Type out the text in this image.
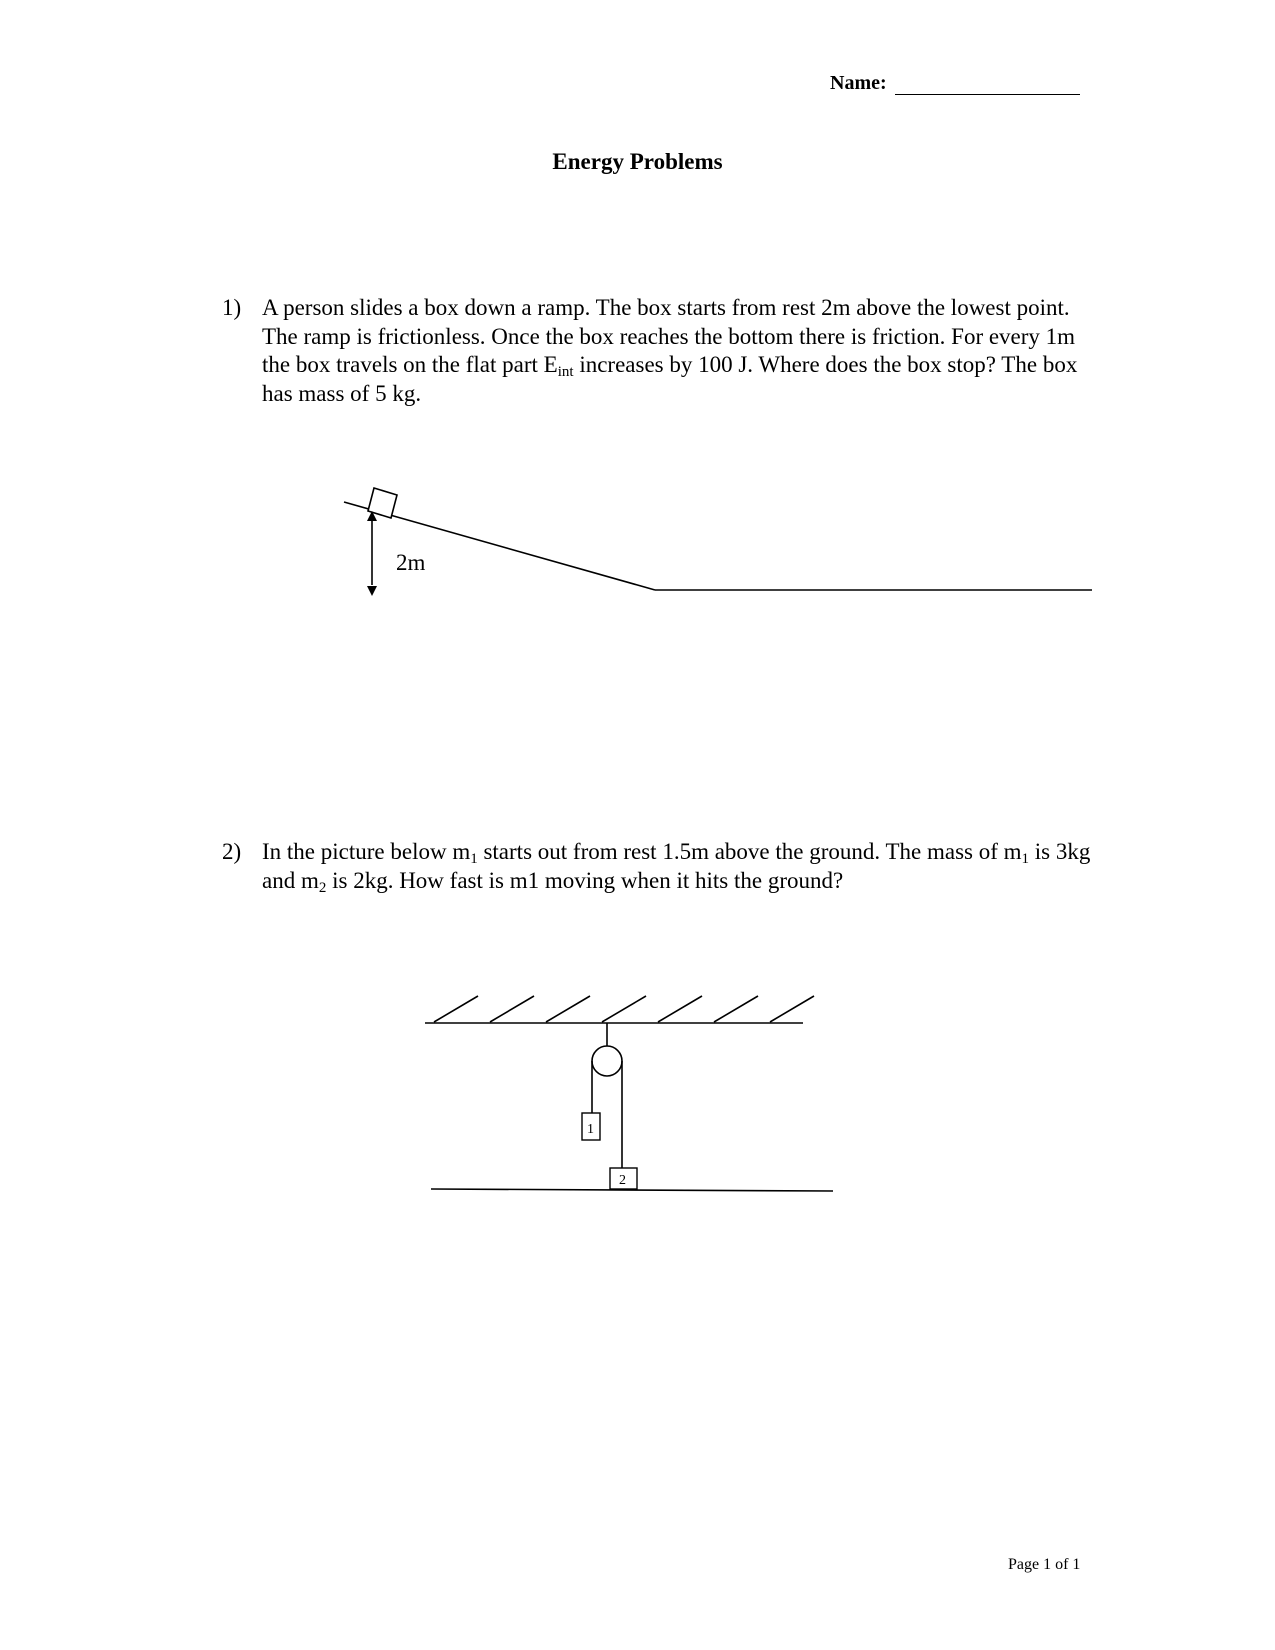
Name:
Energy Problems
1) A person slides a box down a ramp. The box starts from rest 2m above the lowest point. The ramp is frictionless. Once the box reaches the bottom there is friction. For every 1m the box travels on the flat part $E_{int}$ increases by 100 J. Where does the box stop? The box has mass of 5 kg.
2m
1
2
2) In the picture below $m_1$ starts out from rest 1.5m above the ground. The mass of $m_1$ is 3kg and $m_2$ is 2kg. How fast is m1 moving when it hits the ground?
Page 1 of 1
